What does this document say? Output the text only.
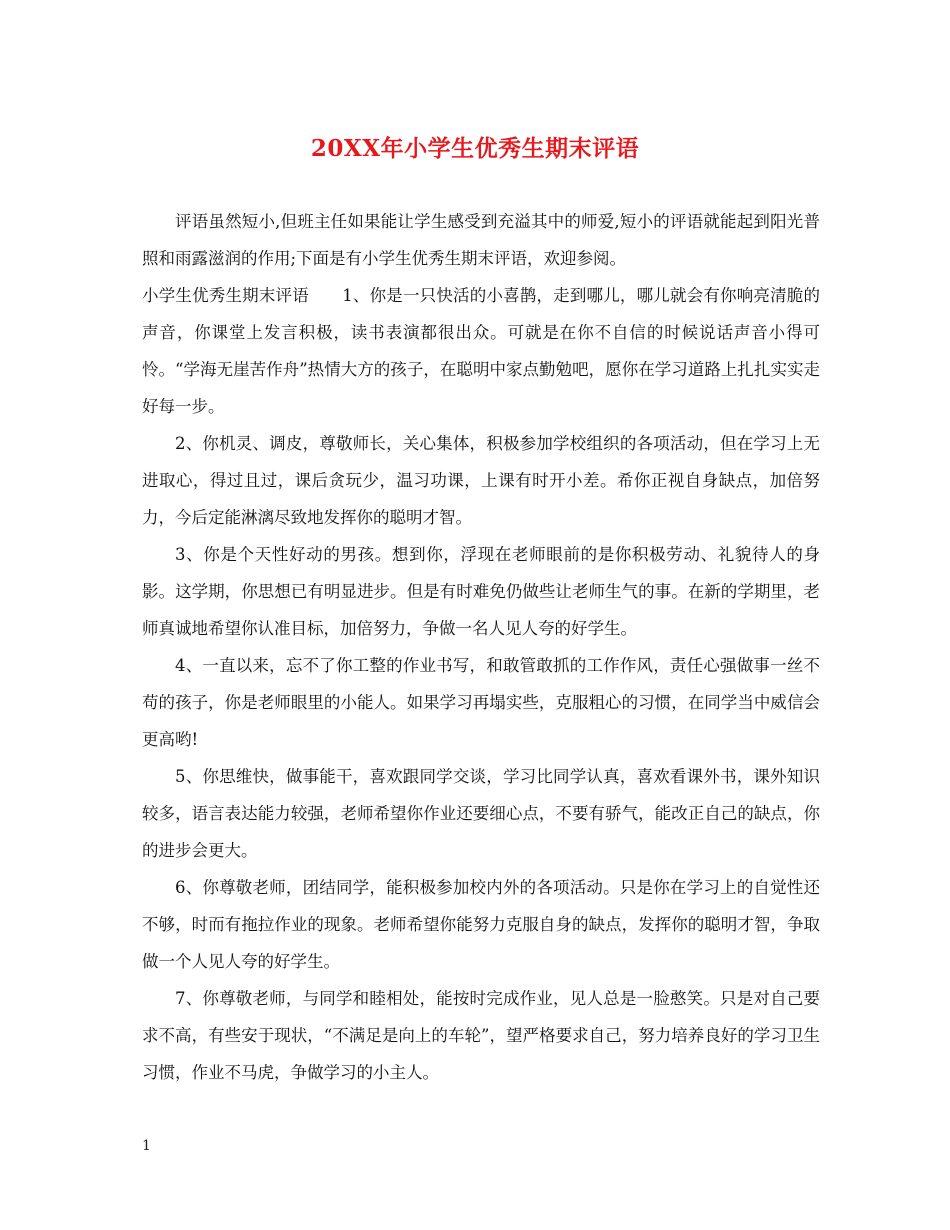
20XX年小学生优秀生期末评语

评语虽然短小,但班主任如果能让学生感受到充溢其中的师爱,短小的评语就能起到阳光普照和雨露滋润的作用;下面是有小学生优秀生期末评语，欢迎参阅。

小学生优秀生期末评语　　1、你是一只快活的小喜鹊，走到哪儿，哪儿就会有你响亮清脆的声音，你课堂上发言积极，读书表演都很出众。可就是在你不自信的时候说话声音小得可怜。“学海无崖苦作舟”热情大方的孩子，在聪明中家点勤勉吧，愿你在学习道路上扎扎实实走好每一步。

2、你机灵、调皮，尊敬师长，关心集体，积极参加学校组织的各项活动，但在学习上无进取心，得过且过，课后贪玩少，温习功课，上课有时开小差。希你正视自身缺点，加倍努力，今后定能淋漓尽致地发挥你的聪明才智。

3、你是个天性好动的男孩。想到你，浮现在老师眼前的是你积极劳动、礼貌待人的身影。这学期，你思想已有明显进步。但是有时难免仍做些让老师生气的事。在新的学期里，老师真诚地希望你认准目标，加倍努力，争做一名人见人夸的好学生。

4、一直以来，忘不了你工整的作业书写，和敢管敢抓的工作作风，责任心强做事一丝不苟的孩子，你是老师眼里的小能人。如果学习再塌实些，克服粗心的习惯，在同学当中威信会更高哟!

5、你思维快，做事能干，喜欢跟同学交谈，学习比同学认真，喜欢看课外书，课外知识较多，语言表达能力较强，老师希望你作业还要细心点，不要有骄气，能改正自己的缺点，你的进步会更大。

6、你尊敬老师，团结同学，能积极参加校内外的各项活动。只是你在学习上的自觉性还不够，时而有拖拉作业的现象。老师希望你能努力克服自身的缺点，发挥你的聪明才智，争取做一个人见人夸的好学生。

7、你尊敬老师，与同学和睦相处，能按时完成作业，见人总是一脸憨笑。只是对自己要求不高，有些安于现状，“不满足是向上的车轮”，望严格要求自己，努力培养良好的学习卫生习惯，作业不马虎，争做学习的小主人。

1
